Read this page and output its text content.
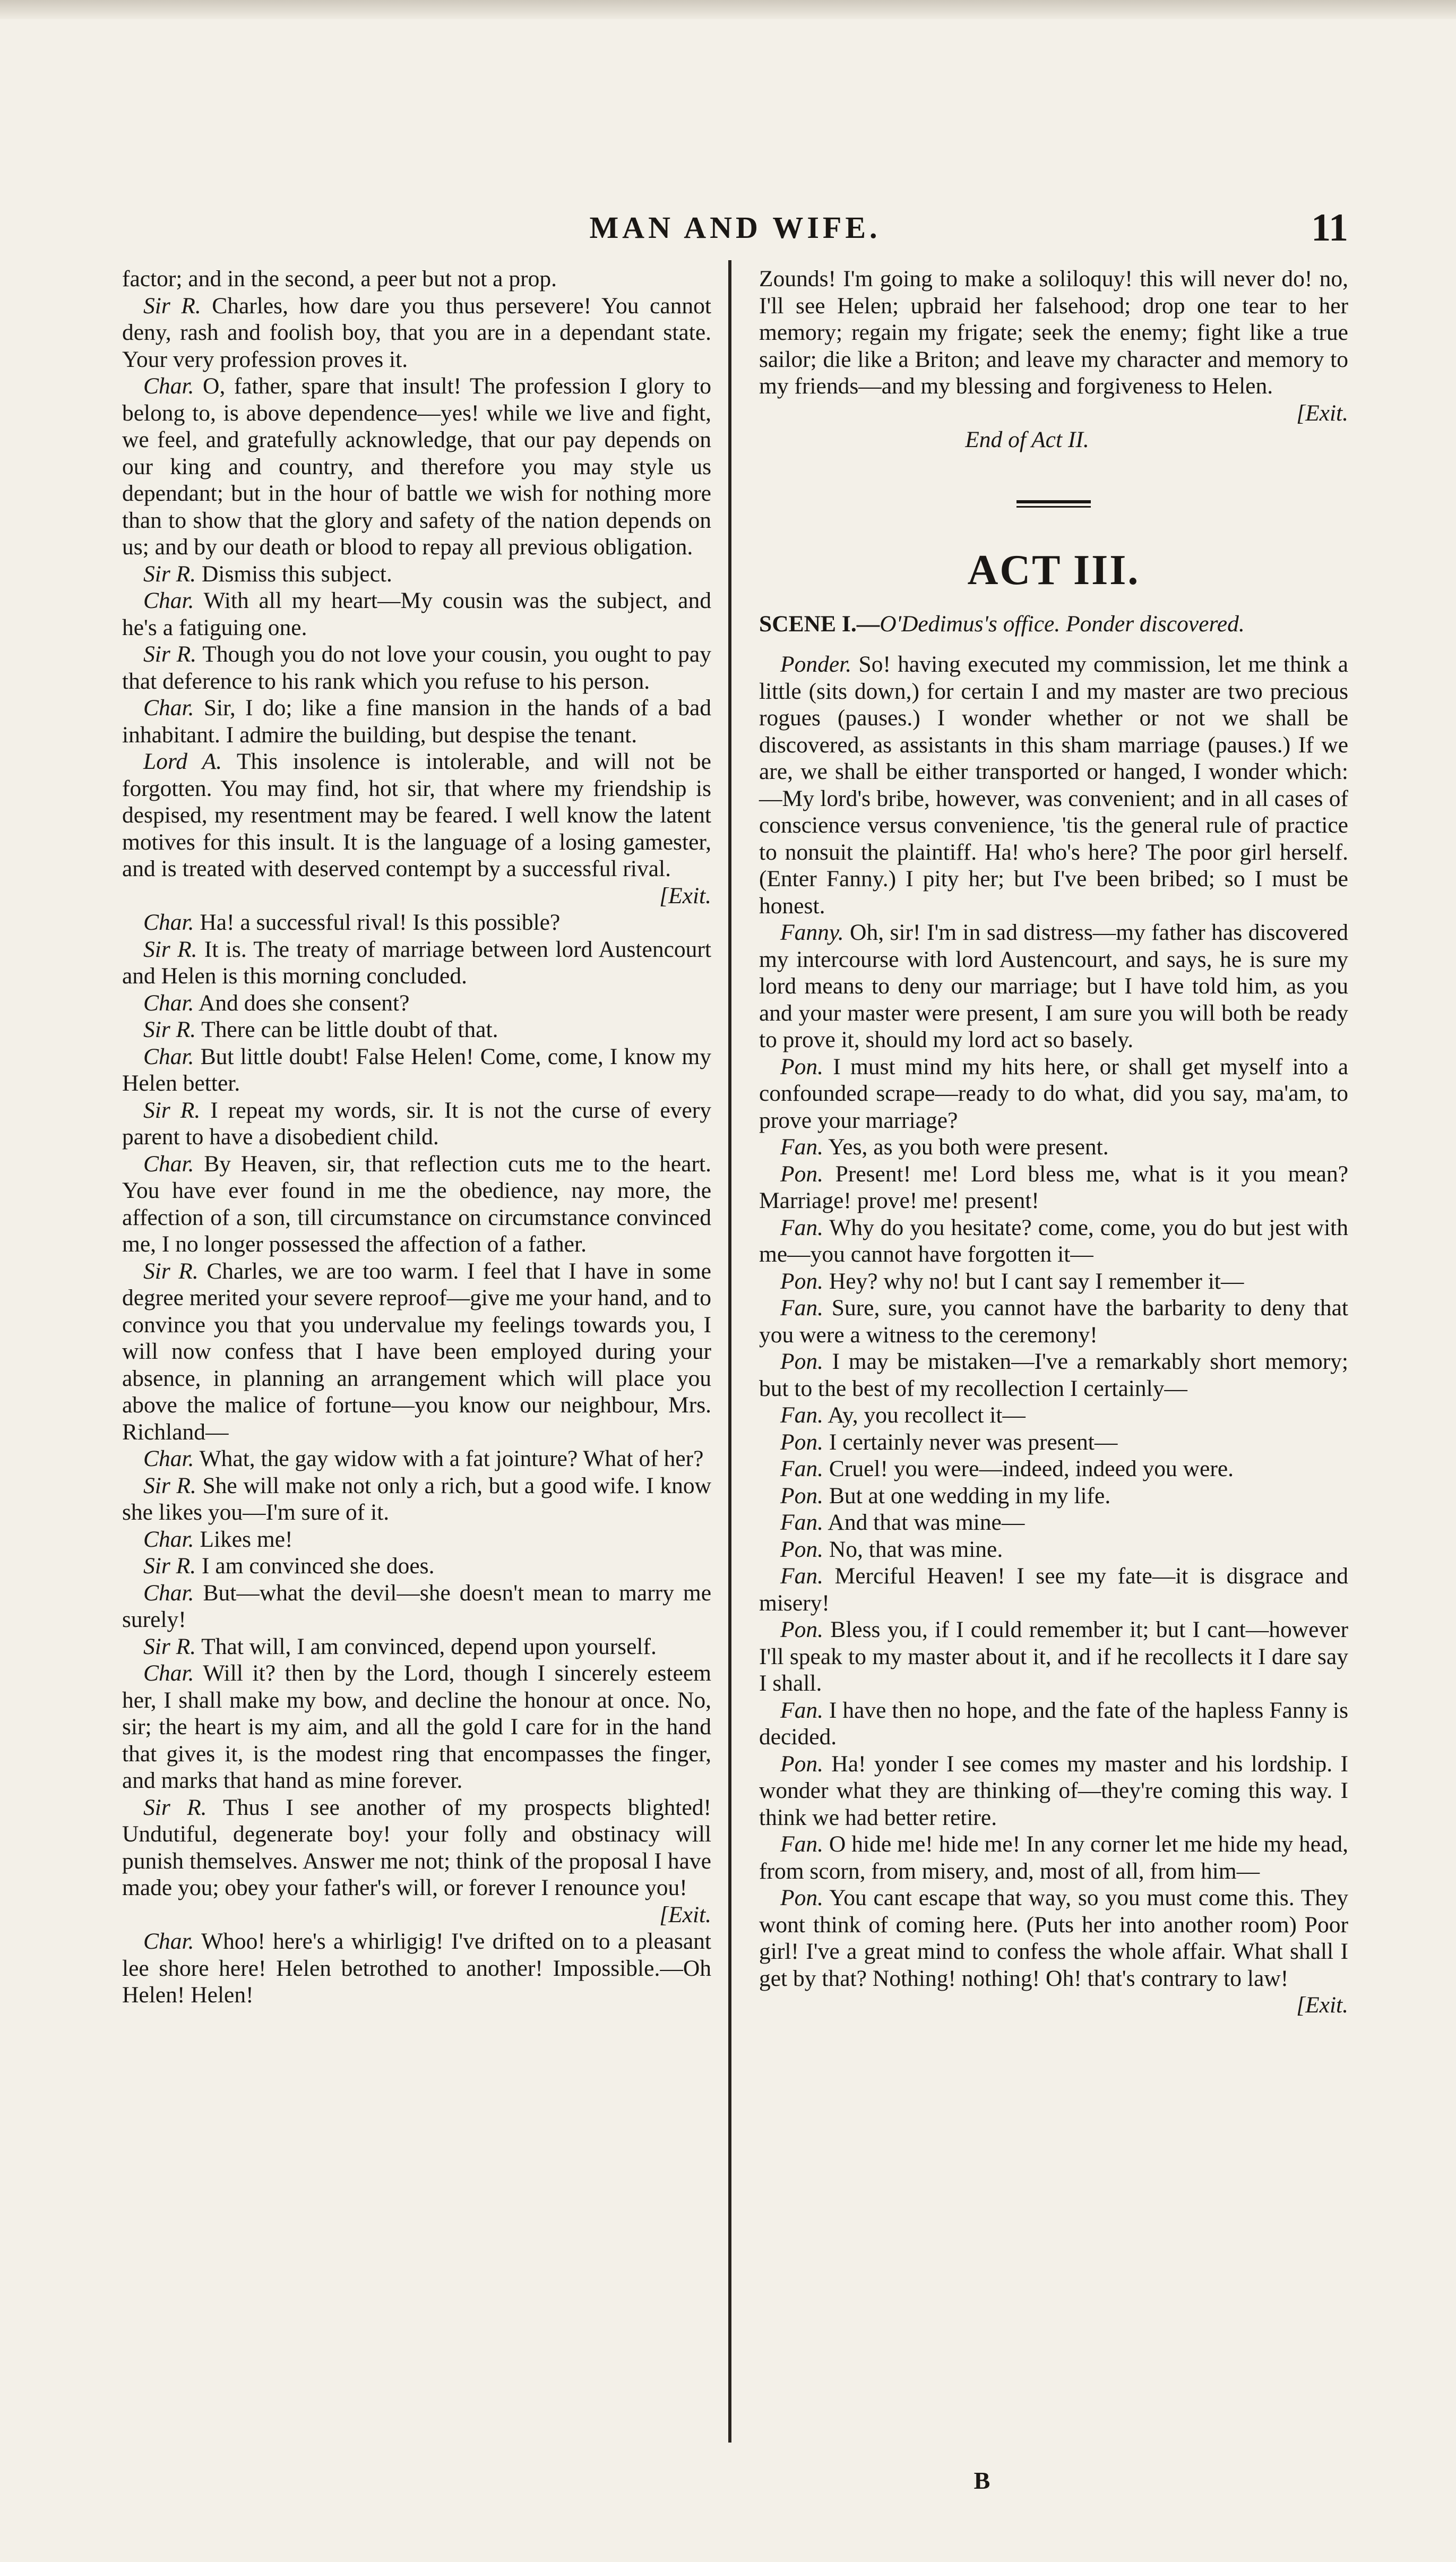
MAN AND WIFE.	11

factor; and in the second, a peer but not a prop.

Sir R. Charles, how dare you thus persevere! You cannot deny, rash and foolish boy, that you are in a dependant state. Your very profession proves it.

Char. O, father, spare that insult! The profession I glory to belong to, is above dependence—yes! while we live and fight, we feel, and gratefully acknowledge, that our pay depends on our king and country, and therefore you may style us dependant; but in the hour of battle we wish for nothing more than to show that the glory and safety of the nation depends on us; and by our death or blood to repay all previous obligation.

Sir R. Dismiss this subject.

Char. With all my heart—My cousin was the subject, and he's a fatiguing one.

Sir R. Though you do not love your cousin, you ought to pay that deference to his rank which you refuse to his person.

Char. Sir, I do; like a fine mansion in the hands of a bad inhabitant. I admire the building, but despise the tenant.

Lord A. This insolence is intolerable, and will not be forgotten. You may find, hot sir, that where my friendship is despised, my resentment may be feared. I well know the latent motives for this insult. It is the language of a losing gamester, and is treated with deserved contempt by a successful rival.

[Exit.

Char. Ha! a successful rival! Is this possible?

Sir R. It is. The treaty of marriage between lord Austencourt and Helen is this morning concluded.

Char. And does she consent?

Sir R. There can be little doubt of that.

Char. But little doubt! False Helen! Come, come, I know my Helen better.

Sir R. I repeat my words, sir. It is not the curse of every parent to have a disobedient child.

Char. By Heaven, sir, that reflection cuts me to the heart. You have ever found in me the obedience, nay more, the affection of a son, till circumstance on circumstance convinced me, I no longer possessed the affection of a father.

Sir R. Charles, we are too warm. I feel that I have in some degree merited your severe reproof—give me your hand, and to convince you that you undervalue my feelings towards you, I will now confess that I have been employed during your absence, in planning an arrangement which will place you above the malice of fortune—you know our neighbour, Mrs. Richland—

Char. What, the gay widow with a fat jointure? What of her?

Sir R. She will make not only a rich, but a good wife. I know she likes you—I'm sure of it.

Char. Likes me!

Sir R. I am convinced she does.

Char. But—what the devil—she doesn't mean to marry me surely!

Sir R. That will, I am convinced, depend upon yourself.

Char. Will it? then by the Lord, though I sincerely esteem her, I shall make my bow, and decline the honour at once. No, sir; the heart is my aim, and all the gold I care for in the hand that gives it, is the modest ring that encompasses the finger, and marks that hand as mine forever.

Sir R. Thus I see another of my prospects blighted! Undutiful, degenerate boy! your folly and obstinacy will punish themselves. Answer me not; think of the proposal I have made you; obey your father's will, or forever I renounce you!

[Exit.

Char. Whoo! here's a whirligig! I've drifted on to a pleasant lee shore here! Helen betrothed to another! Impossible.—Oh Helen! Helen!

Zounds! I'm going to make a soliloquy! this will never do! no, I'll see Helen; upbraid her falsehood; drop one tear to her memory; regain my frigate; seek the enemy; fight like a true sailor; die like a Briton; and leave my character and memory to my friends—and my blessing and forgiveness to Helen.

[Exit.

End of Act II.

ACT III.

SCENE I.—O'Dedimus's office. Ponder discovered.

Ponder. So! having executed my commission, let me think a little (sits down,) for certain I and my master are two precious rogues (pauses.) I wonder whether or not we shall be discovered, as assistants in this sham marriage (pauses.) If we are, we shall be either transported or hanged, I wonder which:—My lord's bribe, however, was convenient; and in all cases of conscience versus convenience, 'tis the general rule of practice to nonsuit the plaintiff. Ha! who's here? The poor girl herself. (Enter Fanny.) I pity her; but I've been bribed; so I must be honest.

Fanny. Oh, sir! I'm in sad distress—my father has discovered my intercourse with lord Austencourt, and says, he is sure my lord means to deny our marriage; but I have told him, as you and your master were present, I am sure you will both be ready to prove it, should my lord act so basely.

Pon. I must mind my hits here, or shall get myself into a confounded scrape—ready to do what, did you say, ma'am, to prove your marriage?

Fan. Yes, as you both were present.

Pon. Present! me! Lord bless me, what is it you mean? Marriage! prove! me! present!

Fan. Why do you hesitate? come, come, you do but jest with me—you cannot have forgotten it—

Pon. Hey? why no! but I cant say I remember it—

Fan. Sure, sure, you cannot have the barbarity to deny that you were a witness to the ceremony!

Pon. I may be mistaken—I've a remarkably short memory; but to the best of my recollection I certainly—

Fan. Ay, you recollect it—

Pon. I certainly never was present—

Fan. Cruel! you were—indeed, indeed you were.

Pon. But at one wedding in my life.

Fan. And that was mine—

Pon. No, that was mine.

Fan. Merciful Heaven! I see my fate—it is disgrace and misery!

Pon. Bless you, if I could remember it; but I cant—however I'll speak to my master about it, and if he recollects it I dare say I shall.

Fan. I have then no hope, and the fate of the hapless Fanny is decided.

Pon. Ha! yonder I see comes my master and his lordship. I wonder what they are thinking of—they're coming this way. I think we had better retire.

Fan. O hide me! hide me! In any corner let me hide my head, from scorn, from misery, and, most of all, from him—

Pon. You cant escape that way, so you must come this. They wont think of coming here. (Puts her into another room) Poor girl! I've a great mind to confess the whole affair. What shall I get by that? Nothing! nothing! Oh! that's contrary to law!

[Exit.

B
